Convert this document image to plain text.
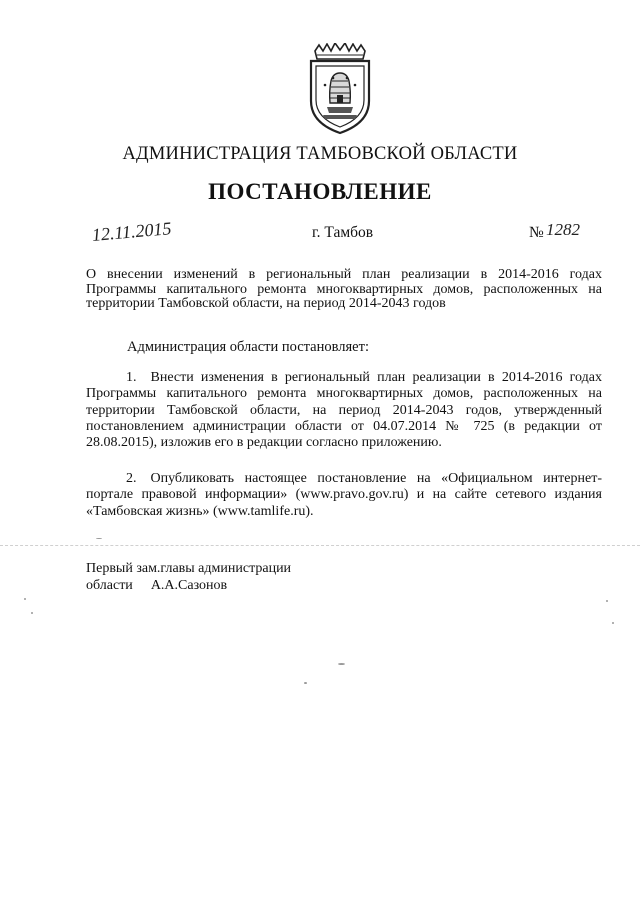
АДМИНИСТРАЦИЯ ТАМБОВСКОЙ ОБЛАСТИ
ПОСТАНОВЛЕНИЕ
12.11.2015	г. Тамбов	№ 1282
О внесении изменений в региональный план реализации в 2014-2016 годах Программы капитального ремонта многоквартирных домов, расположенных на территории Тамбовской области, на период 2014-2043 годов
Администрация области постановляет:
1. Внести изменения в региональный план реализации в 2014-2016 годах Программы капитального ремонта многоквартирных домов, расположенных на территории Тамбовской области, на период 2014-2043 годов, утвержденный постановлением администрации области от 04.07.2014 № 725 (в редакции от 28.08.2015), изложив его в редакции согласно приложению.
2. Опубликовать настоящее постановление на «Официальном интернет-портале правовой информации» (www.pravo.gov.ru) и на сайте сетевого издания «Тамбовская жизнь» (www.tamlife.ru).
Первый зам.главы администрации
области А.А.Сазонов
